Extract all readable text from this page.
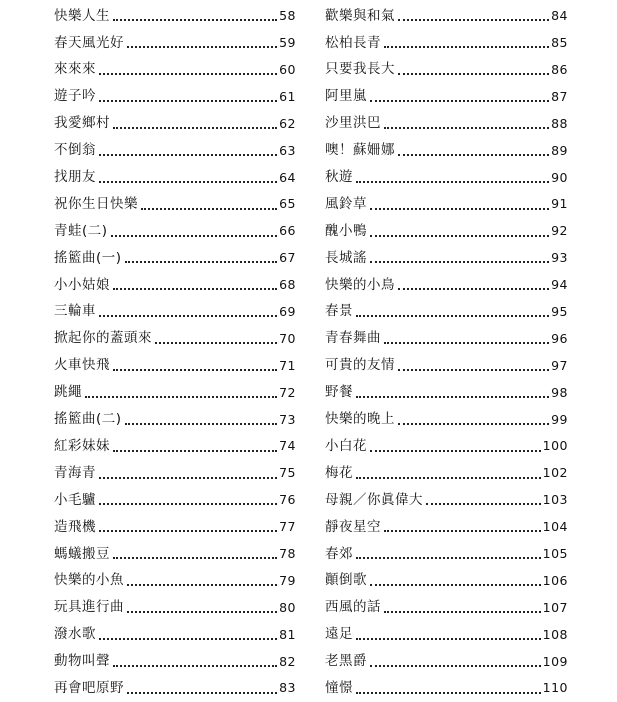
快樂人生	58
春天風光好	59
來來來	60
遊子吟	61
我愛鄉村	62
不倒翁	63
找朋友	64
祝你生日快樂	65
青蛙(二)	66
搖籃曲(一)	67
小小姑娘	68
三輪車	69
掀起你的蓋頭來	70
火車快飛	71
跳繩	72
搖籃曲(二)	73
紅彩妹妹	74
青海青	75
小毛驢	76
造飛機	77
螞蟻搬豆	78
快樂的小魚	79
玩具進行曲	80
潑水歌	81
動物叫聲	82
再會吧原野	83
歡樂與和氣	84
松柏長青	85
只要我長大	86
阿里嵐	87
沙里洪巴	88
噢！蘇姍娜	89
秋遊	90
風鈴草	91
醜小鴨	92
長城謠	93
快樂的小鳥	94
春景	95
青春舞曲	96
可貴的友情	97
野餐	98
快樂的晚上	99
小白花	100
梅花	102
母親／你眞偉大	103
靜夜星空	104
春郊	105
顚倒歌	106
西風的話	107
遠足	108
老黑爵	109
憧憬	110
